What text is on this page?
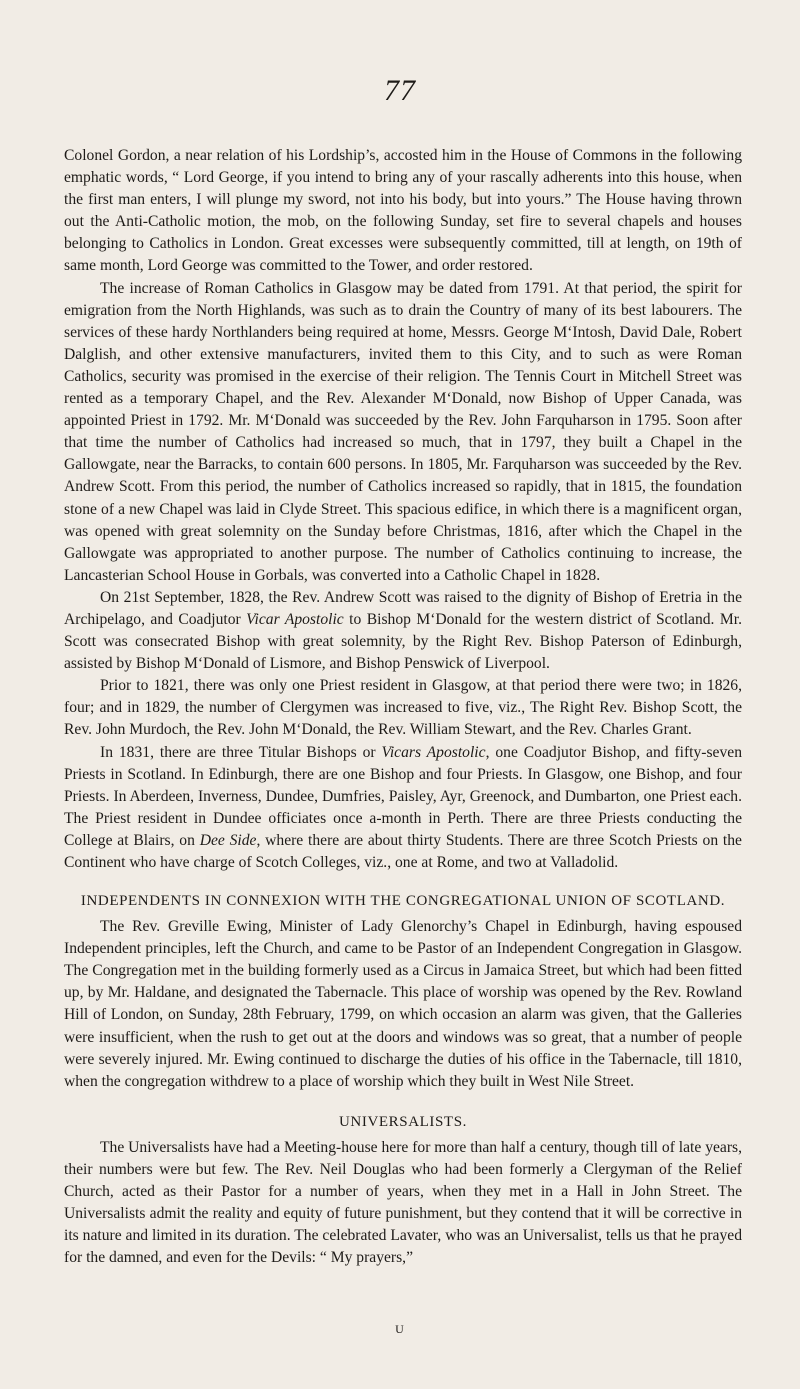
77

Colonel Gordon, a near relation of his Lordship’s, accosted him in the House of Commons in the following emphatic words, “ Lord George, if you intend to bring any of your rascally adherents into this house, when the first man enters, I will plunge my sword, not into his body, but into yours.” The House having thrown out the Anti-Catholic motion, the mob, on the following Sunday, set fire to several chapels and houses belonging to Catholics in London. Great excesses were subsequently committed, till at length, on 19th of same month, Lord George was committed to the Tower, and order restored.

The increase of Roman Catholics in Glasgow may be dated from 1791. At that period, the spirit for emigration from the North Highlands, was such as to drain the Country of many of its best labourers. The services of these hardy Northlanders being required at home, Messrs. George M‘Intosh, David Dale, Robert Dalglish, and other extensive manufacturers, invited them to this City, and to such as were Roman Catholics, security was promised in the exercise of their religion. The Tennis Court in Mitchell Street was rented as a temporary Chapel, and the Rev. Alexander M‘Donald, now Bishop of Upper Canada, was appointed Priest in 1792. Mr. M‘Donald was succeeded by the Rev. John Farquharson in 1795. Soon after that time the number of Catholics had increased so much, that in 1797, they built a Chapel in the Gallowgate, near the Barracks, to contain 600 persons. In 1805, Mr. Farquharson was succeeded by the Rev. Andrew Scott. From this period, the number of Catholics increased so rapidly, that in 1815, the foundation stone of a new Chapel was laid in Clyde Street. This spacious edifice, in which there is a magnificent organ, was opened with great solemnity on the Sunday before Christmas, 1816, after which the Chapel in the Gallowgate was appropriated to another purpose. The number of Catholics continuing to increase, the Lancasterian School House in Gorbals, was converted into a Catholic Chapel in 1828.

On 21st September, 1828, the Rev. Andrew Scott was raised to the dignity of Bishop of Eretria in the Archipelago, and Coadjutor Vicar Apostolic to Bishop M‘Donald for the western district of Scotland. Mr. Scott was consecrated Bishop with great solemnity, by the Right Rev. Bishop Paterson of Edinburgh, assisted by Bishop M‘Donald of Lismore, and Bishop Penswick of Liverpool.

Prior to 1821, there was only one Priest resident in Glasgow, at that period there were two; in 1826, four; and in 1829, the number of Clergymen was increased to five, viz., The Right Rev. Bishop Scott, the Rev. John Murdoch, the Rev. John M‘Donald, the Rev. William Stewart, and the Rev. Charles Grant.

In 1831, there are three Titular Bishops or Vicars Apostolic, one Coadjutor Bishop, and fifty-seven Priests in Scotland. In Edinburgh, there are one Bishop and four Priests. In Glasgow, one Bishop, and four Priests. In Aberdeen, Inverness, Dundee, Dumfries, Paisley, Ayr, Greenock, and Dumbarton, one Priest each. The Priest resident in Dundee officiates once a-month in Perth. There are three Priests conducting the College at Blairs, on Dee Side, where there are about thirty Students. There are three Scotch Priests on the Continent who have charge of Scotch Colleges, viz., one at Rome, and two at Valladolid.

INDEPENDENTS IN CONNEXION WITH THE CONGREGATIONAL UNION OF SCOTLAND.

The Rev. Greville Ewing, Minister of Lady Glenorchy’s Chapel in Edinburgh, having espoused Independent principles, left the Church, and came to be Pastor of an Independent Congregation in Glasgow. The Congregation met in the building formerly used as a Circus in Jamaica Street, but which had been fitted up, by Mr. Haldane, and designated the Tabernacle. This place of worship was opened by the Rev. Rowland Hill of London, on Sunday, 28th February, 1799, on which occasion an alarm was given, that the Galleries were insufficient, when the rush to get out at the doors and windows was so great, that a number of people were severely injured. Mr. Ewing continued to discharge the duties of his office in the Tabernacle, till 1810, when the congregation withdrew to a place of worship which they built in West Nile Street.

UNIVERSALISTS.

The Universalists have had a Meeting-house here for more than half a century, though till of late years, their numbers were but few. The Rev. Neil Douglas who had been formerly a Clergyman of the Relief Church, acted as their Pastor for a number of years, when they met in a Hall in John Street. The Universalists admit the reality and equity of future punishment, but they contend that it will be corrective in its nature and limited in its duration. The celebrated Lavater, who was an Universalist, tells us that he prayed for the damned, and even for the Devils: “ My prayers,”

U
